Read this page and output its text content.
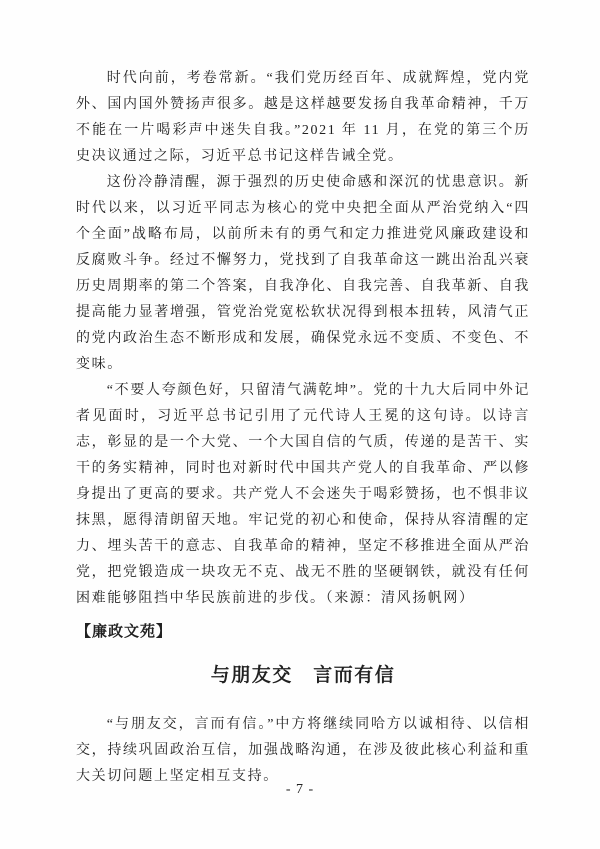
时代向前，考卷常新。“我们党历经百年、成就辉煌，党内党外、国内国外赞扬声很多。越是这样越要发扬自我革命精神，千万不能在一片喝彩声中迷失自我。”2021 年 11 月，在党的第三个历史决议通过之际，习近平总书记这样告诫全党。

这份冷静清醒，源于强烈的历史使命感和深沉的忧患意识。新时代以来，以习近平同志为核心的党中央把全面从严治党纳入“四个全面”战略布局，以前所未有的勇气和定力推进党风廉政建设和反腐败斗争。经过不懈努力，党找到了自我革命这一跳出治乱兴衰历史周期率的第二个答案，自我净化、自我完善、自我革新、自我提高能力显著增强，管党治党宽松软状况得到根本扭转，风清气正的党内政治生态不断形成和发展，确保党永远不变质、不变色、不变味。

“不要人夸颜色好，只留清气满乾坤”。党的十九大后同中外记者见面时，习近平总书记引用了元代诗人王冕的这句诗。以诗言志，彰显的是一个大党、一个大国自信的气质，传递的是苦干、实干的务实精神，同时也对新时代中国共产党人的自我革命、严以修身提出了更高的要求。共产党人不会迷失于喝彩赞扬，也不惧非议抹黑，愿得清朗留天地。牢记党的初心和使命，保持从容清醒的定力、埋头苦干的意志、自我革命的精神，坚定不移推进全面从严治党，把党锻造成一块攻无不克、战无不胜的坚硬钢铁，就没有任何困难能够阻挡中华民族前进的步伐。（来源：清风扬帆网）

【廉政文苑】

与朋友交　言而有信

“与朋友交，言而有信。”中方将继续同哈方以诚相待、以信相交，持续巩固政治互信，加强战略沟通，在涉及彼此核心利益和重大关切问题上坚定相互支持。

- 7 -
